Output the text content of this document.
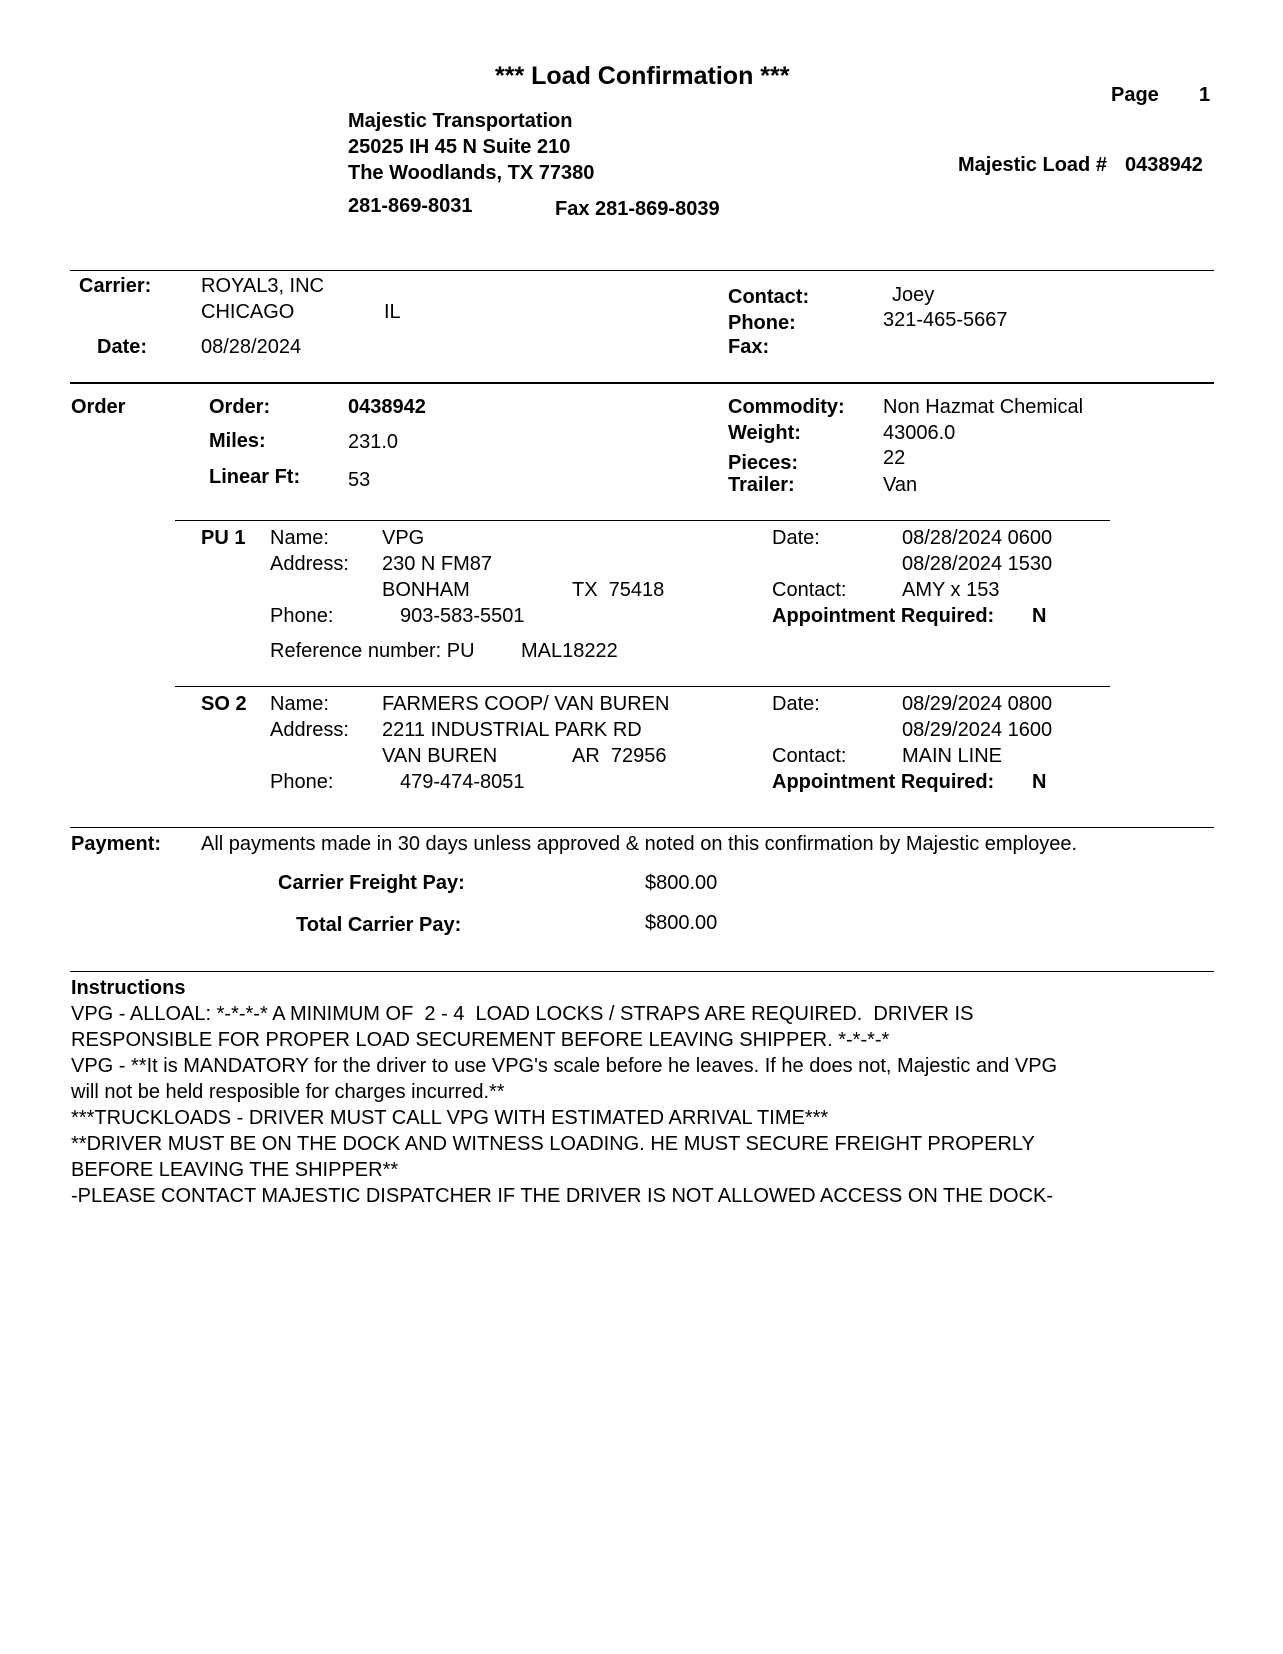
*** Load Confirmation ***
Page 1
Majestic Transportation
25025 IH 45 N Suite 210
The Woodlands, TX 77380
281-869-8031	Fax 281-869-8039
Majestic Load # 0438942
Carrier: ROYAL3, INC
CHICAGO	IL
Date:	08/28/2024
Contact:	Joey
Phone:	321-465-5667
Fax:
Order	Order:	0438942
Miles:	231.0
Linear Ft: 53
Commodity: Non Hazmat Chemical
Weight:	43006.0
Pieces:	22
Trailer:	Van
PU 1 Name:	VPG
Address: 230 N FM87
BONHAM	TX  75418
Phone:	903-583-5501
Reference number: PU MAL18222
Date:	08/28/2024 0600
08/28/2024 1530
Contact:	AMY x 153
Appointment Required: N
SO 2 Name:	FARMERS COOP/ VAN BUREN
Address: 2211 INDUSTRIAL PARK RD
VAN BUREN	AR  72956
Phone:	479-474-8051
Date:	08/29/2024 0800
08/29/2024 1600
Contact:	MAIN LINE
Appointment Required: N
Payment: All payments made in 30 days unless approved & noted on this confirmation by Majestic employee.
Carrier Freight Pay:	$800.00
Total Carrier Pay:	$800.00
Instructions
VPG - ALLOAL: *-*-*-* A MINIMUM OF  2 - 4  LOAD LOCKS / STRAPS ARE REQUIRED.  DRIVER IS
RESPONSIBLE FOR PROPER LOAD SECUREMENT BEFORE LEAVING SHIPPER. *-*-*-*
VPG - **It is MANDATORY for the driver to use VPG's scale before he leaves. If he does not, Majestic and VPG
will not be held resposible for charges incurred.**
***TRUCKLOADS - DRIVER MUST CALL VPG WITH ESTIMATED ARRIVAL TIME***
**DRIVER MUST BE ON THE DOCK AND WITNESS LOADING. HE MUST SECURE FREIGHT PROPERLY
BEFORE LEAVING THE SHIPPER**
-PLEASE CONTACT MAJESTIC DISPATCHER IF THE DRIVER IS NOT ALLOWED ACCESS ON THE DOCK-
